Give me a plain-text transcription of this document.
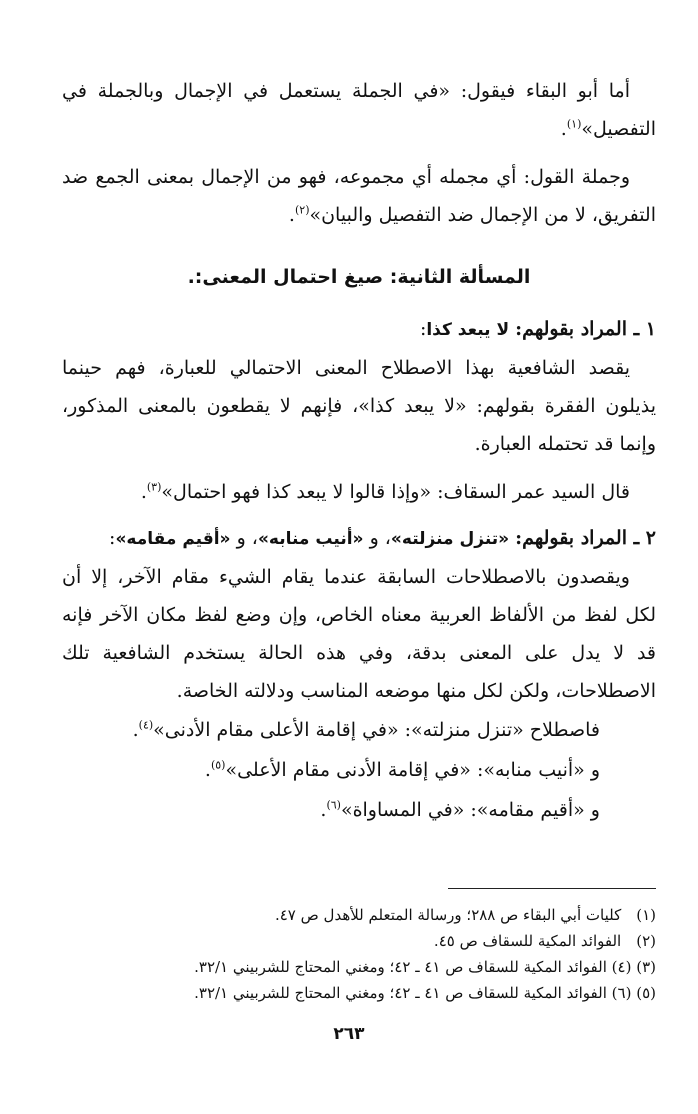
أما أبو البقاء فيقول: «في الجملة يستعمل في الإجمال وبالجملة في التفصيل»$^{(١)}$.

وجملة القول: أي مجمله أي مجموعه، فهو من الإجمال بمعنى الجمع ضد التفريق، لا من الإجمال ضد التفصيل والبيان»$^{(٢)}$.

المسألة الثانية: صيغ احتمال المعنى:.

١ ـ المراد بقولهم: لا يبعد كذا:

يقصد الشافعية بهذا الاصطلاح المعنى الاحتمالي للعبارة، فهم حينما يذيلون الفقرة بقولهم: «لا يبعد كذا»، فإنهم لا يقطعون بالمعنى المذكور، وإنما قد تحتمله العبارة.

قال السيد عمر السقاف: «وإذا قالوا لا يبعد كذا فهو احتمال»$^{(٣)}$.

٢ ـ المراد بقولهم: «تنزل منزلته»، و «أنيب منابه»، و «أقيم مقامه»:

ويقصدون بالاصطلاحات السابقة عندما يقام الشيء مقام الآخر، إلا أن لكل لفظ من الألفاظ العربية معناه الخاص، وإن وضع لفظ مكان الآخر فإنه قد لا يدل على المعنى بدقة، وفي هذه الحالة يستخدم الشافعية تلك الاصطلاحات، ولكن لكل منها موضعه المناسب ودلالته الخاصة.

فاصطلاح «تنزل منزلته»: «في إقامة الأعلى مقام الأدنى»$^{(٤)}$.

و «أنيب منابه»: «في إقامة الأدنى مقام الأعلى»$^{(٥)}$.

و «أقيم مقامه»: «في المساواة»$^{(٦)}$.

(١) كليات أبي البقاء ص ٢٨٨؛ ورسالة المتعلم للأهدل ص ٤٧.

(٢) الفوائد المكية للسقاف ص ٤٥.

(٣) (٤) الفوائد المكية للسقاف ص ٤١ ـ ٤٢؛ ومغني المحتاج للشربيني ٣٢/١.

(٥) (٦) الفوائد المكية للسقاف ص ٤١ ـ ٤٢؛ ومغني المحتاج للشربيني ٣٢/١.

٢٦٣
